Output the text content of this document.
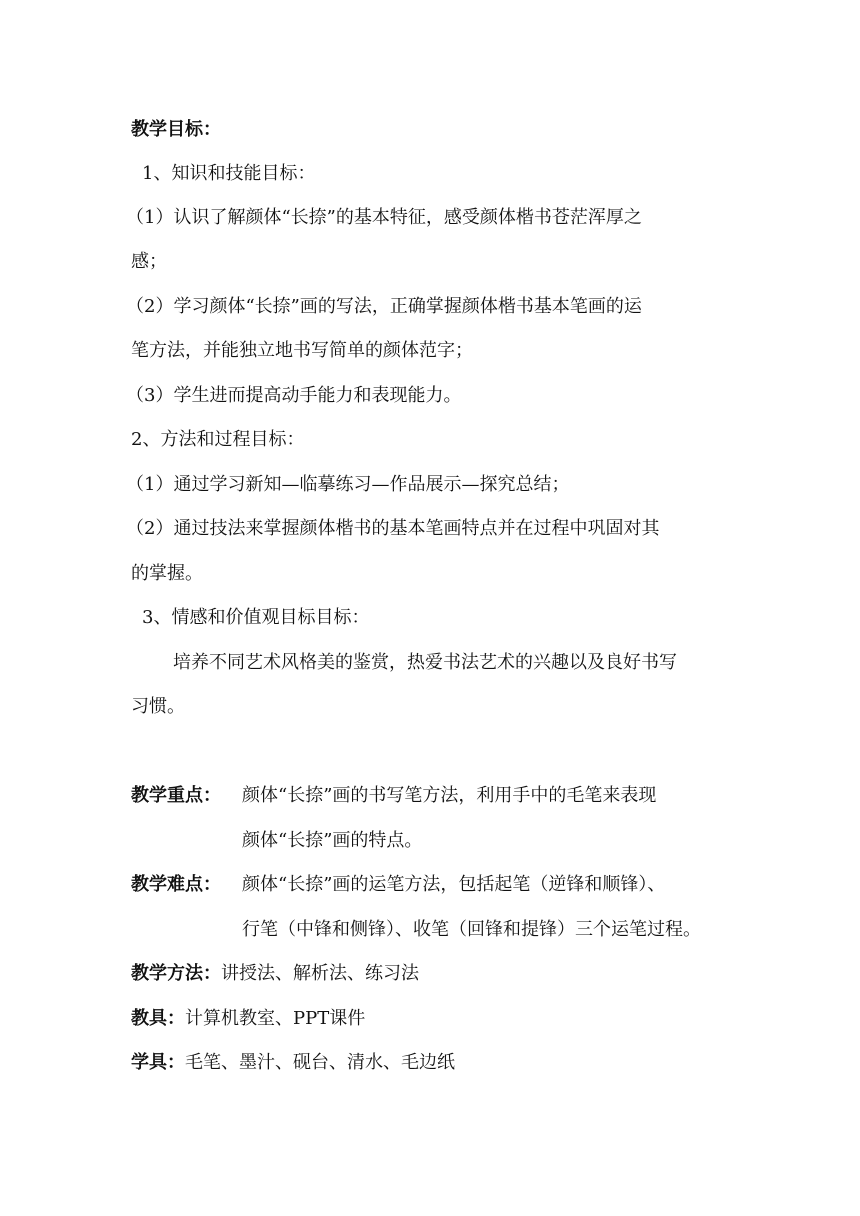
教学目标：
1、知识和技能目标：
（1）认识了解颜体“长捺”的基本特征，感受颜体楷书苍茫浑厚之
感；
（2）学习颜体“长捺”画的写法，正确掌握颜体楷书基本笔画的运
笔方法，并能独立地书写简单的颜体范字；
（3）学生进而提高动手能力和表现能力。
2、方法和过程目标：
（1）通过学习新知—临摹练习—作品展示—探究总结；
（2）通过技法来掌握颜体楷书的基本笔画特点并在过程中巩固对其
的掌握。
3、情感和价值观目标目标：
培养不同艺术风格美的鉴赏，热爱书法艺术的兴趣以及良好书写
习惯。
教学重点： 颜体“长捺”画的书写笔方法，利用手中的毛笔来表现
颜体“长捺”画的特点。
教学难点： 颜体“长捺”画的运笔方法，包括起笔（逆锋和顺锋）、
行笔（中锋和侧锋）、收笔（回锋和提锋）三个运笔过程。
教学方法：讲授法、解析法、练习法
教具：计算机教室、PPT课件
学具：毛笔、墨汁、砚台、清水、毛边纸
